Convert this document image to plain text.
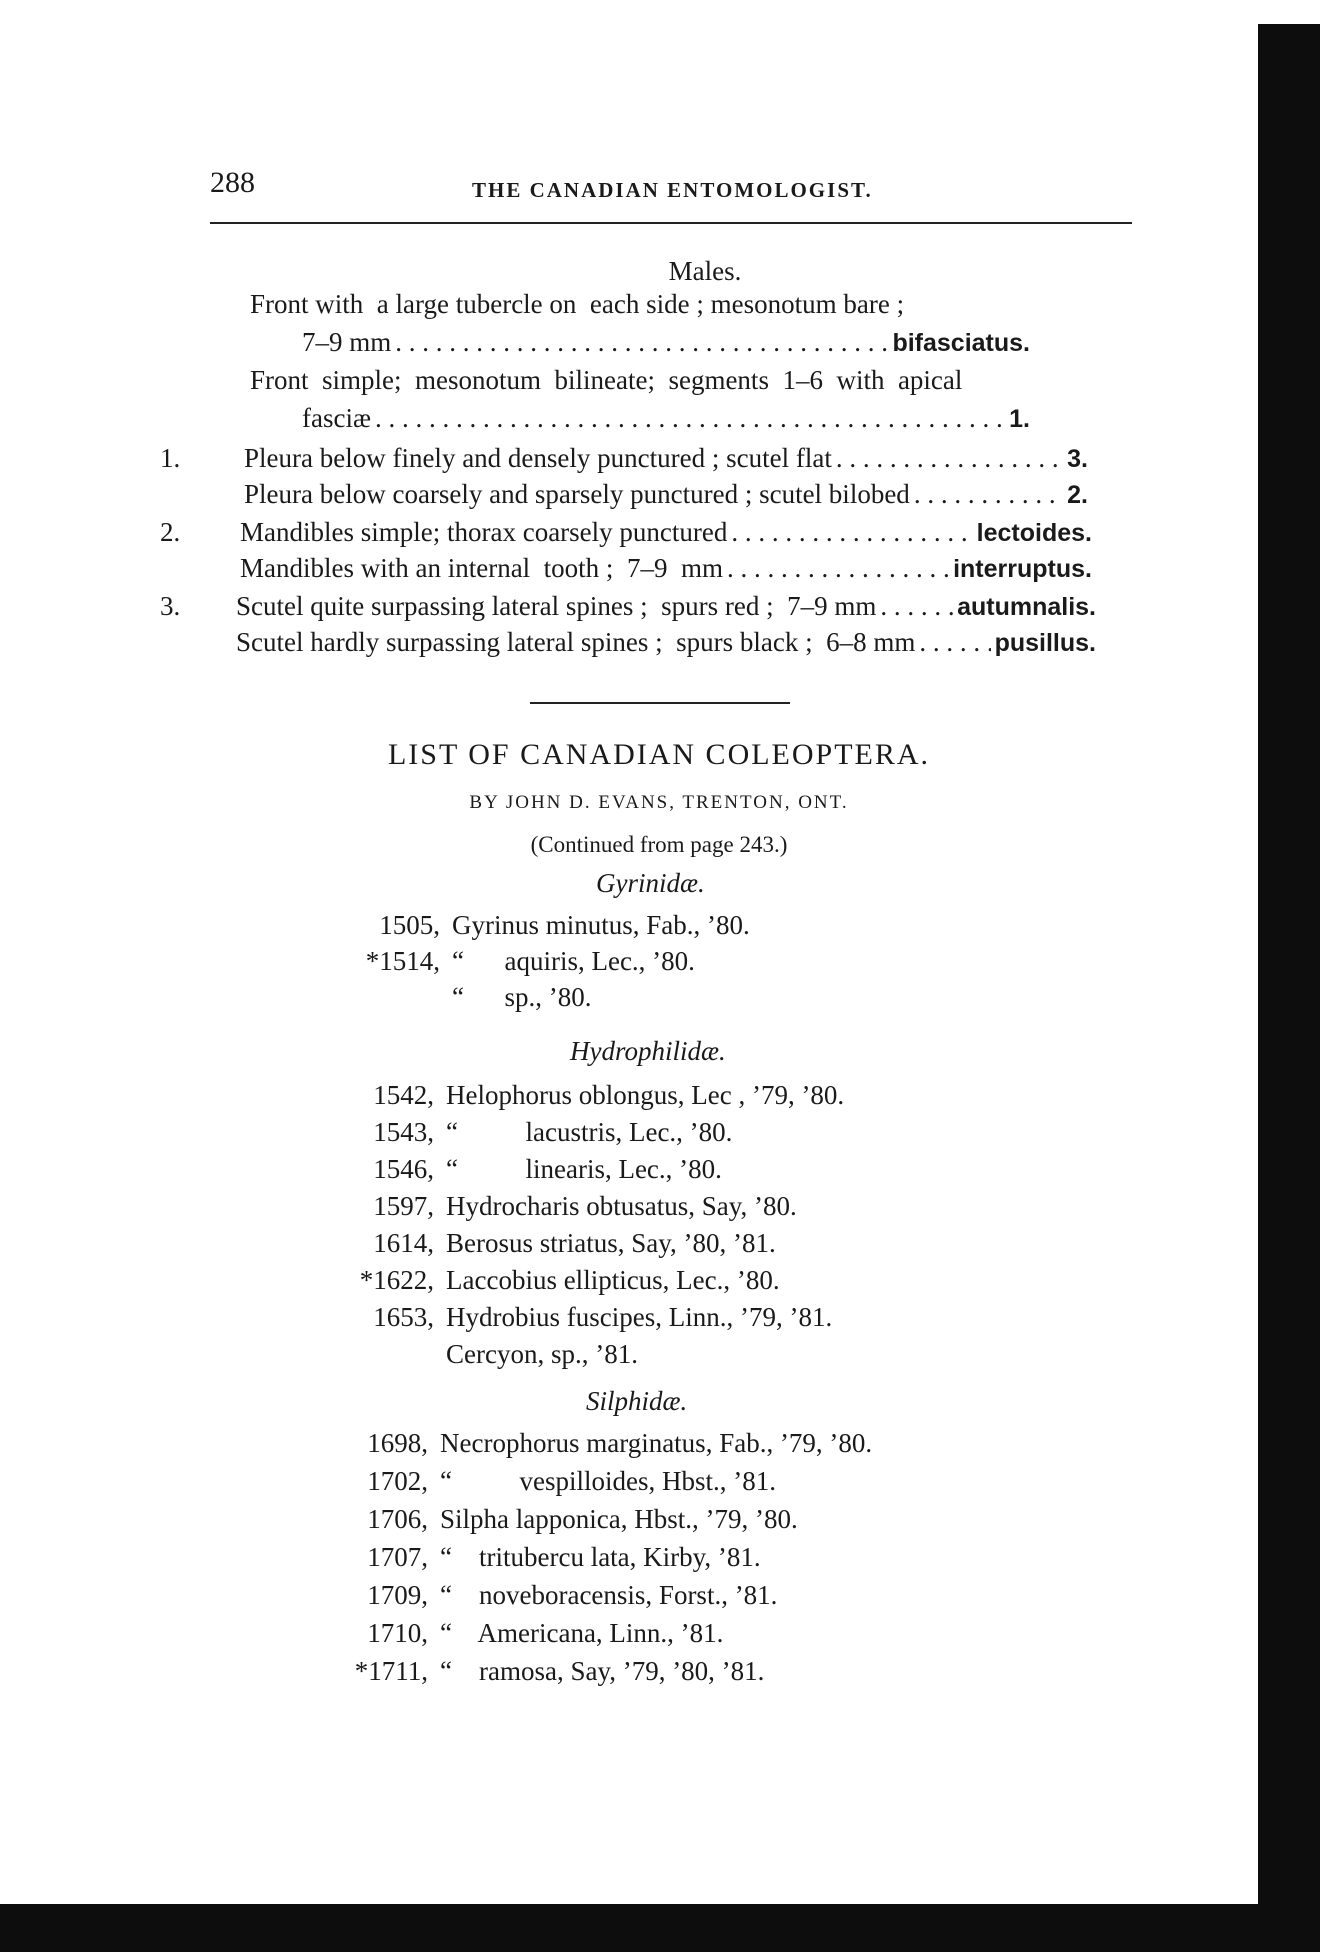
288	THE CANADIAN ENTOMOLOGIST.
Males.
Front with  a large tubercle on  each side ; mesonotum bare ;
7–9 mm . . .	bifasciatus.
Front  simple;  mesonotum  bilineate;  segments  1–6  with  apical
fasciæ . . .	1.
1.	Pleura below finely and densely punctured ; scutel flat . . .	3.
Pleura below coarsely and sparsely punctured ; scutel bilobed . . .	2.
2.	Mandibles simple; thorax coarsely punctured . . .	lectoides.
Mandibles with an internal  tooth ;  7–9  mm . . .	interruptus.
3.	Scutel quite surpassing lateral spines ;  spurs red ;  7–9 mm . . .	autumnalis.
Scutel hardly surpassing lateral spines ;  spurs black ;  6–8 mm . . .	pusillus.
LIST OF CANADIAN COLEOPTERA.
BY JOHN D. EVANS, TRENTON, ONT.
(Continued from page 243.)
Gyrinidæ.
1505, Gyrinus minutus, Fab., ’80.
*1514, “      aquiris, Lec., ’80.
“      sp., ’80.
Hydrophilidæ.
1542, Helophorus oblongus, Lec , ’79, ’80.
1543, “          lacustris, Lec., ’80.
1546, “          linearis, Lec., ’80.
1597, Hydrocharis obtusatus, Say, ’80.
1614, Berosus striatus, Say, ’80, ’81.
*1622, Laccobius ellipticus, Lec., ’80.
1653, Hydrobius fuscipes, Linn., ’79, ’81.
Cercyon, sp., ’81.
Silphidæ.
1698, Necrophorus marginatus, Fab., ’79, ’80.
1702, “          vespilloides, Hbst., ’81.
1706, Silpha lapponica, Hbst., ’79, ’80.
1707, “    tritubercu lata, Kirby, ’81.
1709, “    noveboracensis, Forst., ’81.
1710, “    Americana, Linn., ’81.
*1711, “    ramosa, Say, ’79, ’80, ’81.
